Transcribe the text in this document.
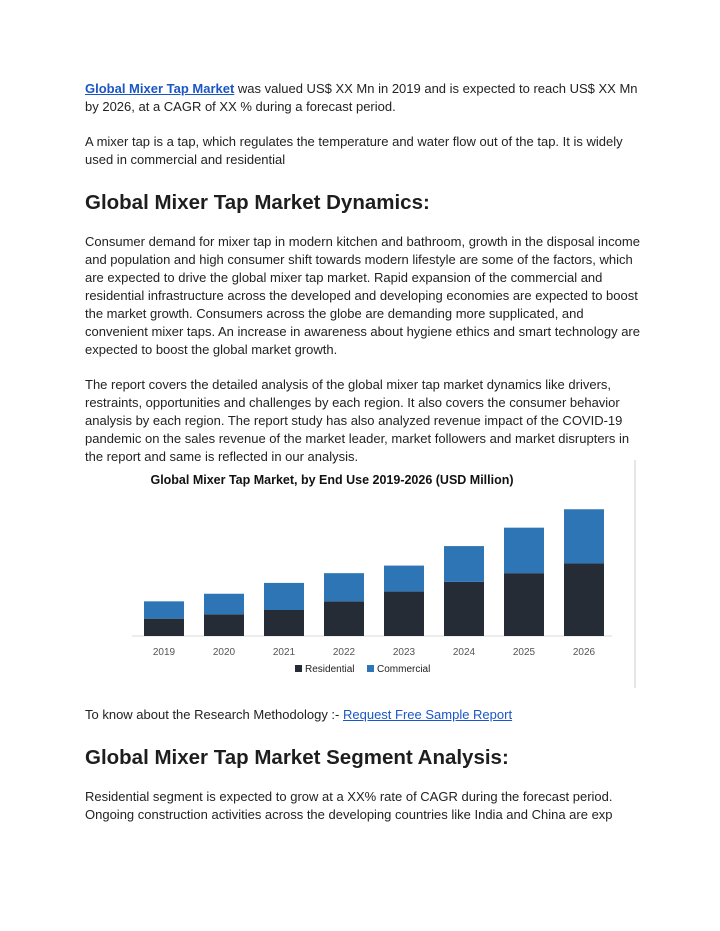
Global Mixer Tap Market was valued US$ XX Mn in 2019 and is expected to reach US$ XX Mn by 2026, at a CAGR of XX % during a forecast period.

A mixer tap is a tap, which regulates the temperature and water flow out of the tap. It is widely used in commercial and residential

Global Mixer Tap Market Dynamics:

Consumer demand for mixer tap in modern kitchen and bathroom, growth in the disposal income and population and high consumer shift towards modern lifestyle are some of the factors, which are expected to drive the global mixer tap market. Rapid expansion of the commercial and residential infrastructure across the developed and developing economies are expected to boost the market growth. Consumers across the globe are demanding more supplicated, and convenient mixer taps. An increase in awareness about hygiene ethics and smart technology are expected to boost the global market growth.

The report covers the detailed analysis of the global mixer tap market dynamics like drivers, restraints, opportunities and challenges by each region. It also covers the consumer behavior analysis by each region. The report study has also analyzed revenue impact of the COVID-19 pandemic on the sales revenue of the market leader, market followers and market disrupters in the report and same is reflected in our analysis.

Global Mixer Tap Market, by End Use 2019-2026 (USD Million)
2019	2020	2021	2022	2023	2024	2025	2026
Residential Commercial

To know about the Research Methodology :- Request Free Sample Report

Global Mixer Tap Market Segment Analysis:

Residential segment is expected to grow at a XX% rate of CAGR during the forecast period. Ongoing construction activities across the developing countries like India and China are exp
